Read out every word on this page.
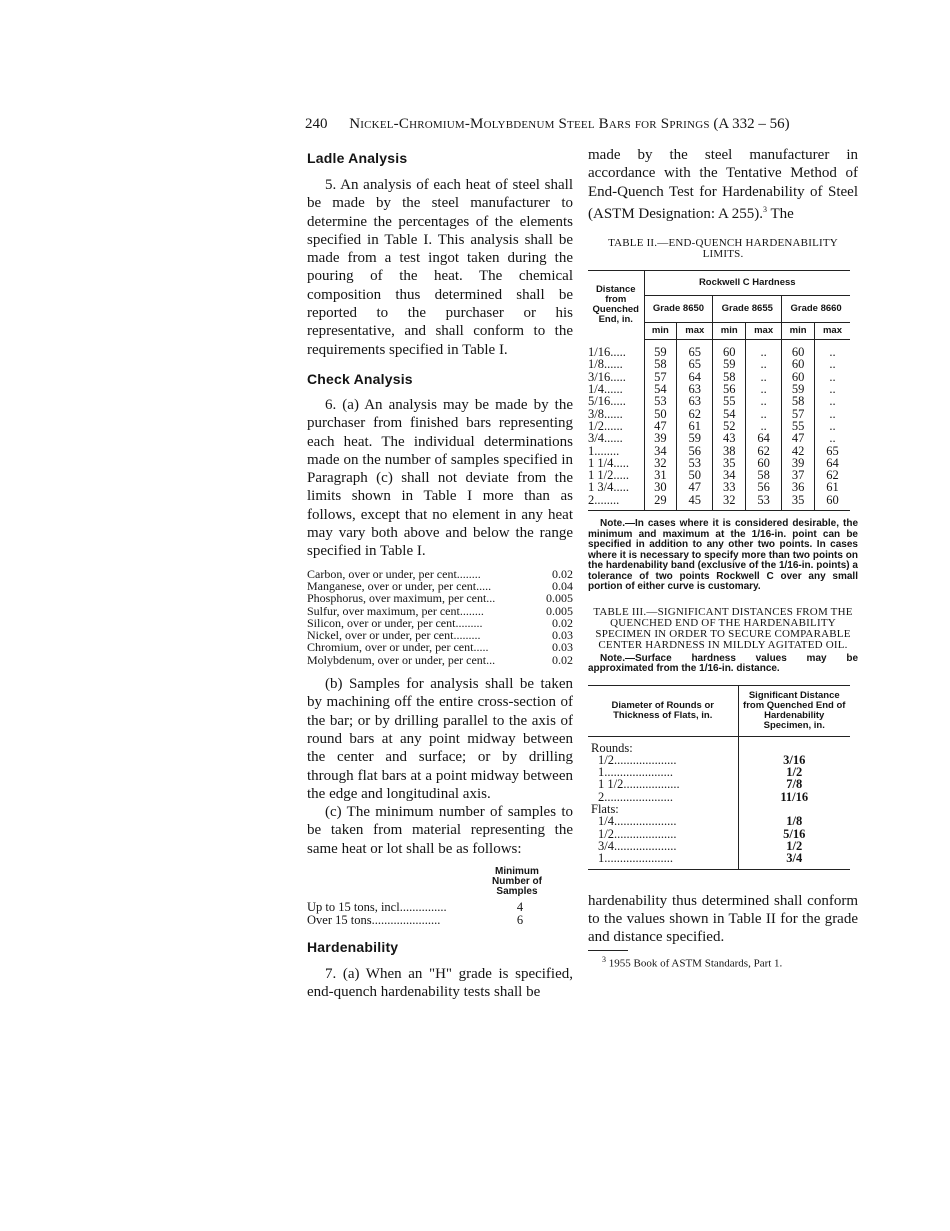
240 Nickel-Chromium-Molybdenum Steel Bars for Springs (A 332 – 56)
Ladle Analysis

5. An analysis of each heat of steel shall be made by the steel manufacturer to determine the percentages of the elements specified in Table I. This analysis shall be made from a test ingot taken during the pouring of the heat. The chemical composition thus determined shall be reported to the purchaser or his representative, and shall conform to the requirements specified in Table I.

Check Analysis

6. (a) An analysis may be made by the purchaser from finished bars representing each heat. The individual determinations made on the number of samples specified in Paragraph (c) shall not deviate from the limits shown in Table I more than as follows, except that no element in any heat may vary both above and below the range specified in Table I.

Carbon, over or under, per cent........	0.02
Manganese, over or under, per cent.....	0.04
Phosphorus, over maximum, per cent...	0.005
Sulfur, over maximum, per cent........	0.005
Silicon, over or under, per cent.........	0.02
Nickel, over or under, per cent.........	0.03
Chromium, over or under, per cent.....	0.03
Molybdenum, over or under, per cent...	0.02

(b) Samples for analysis shall be taken by machining off the entire cross-section of the bar; or by drilling parallel to the axis of round bars at any point midway between the center and surface; or by drilling through flat bars at a point midway between the edge and longitudinal axis.

(c) The minimum number of samples to be taken from material representing the same heat or lot shall be as follows:

Minimum Number of Samples
Up to 15 tons, incl...............	4
Over 15 tons......................	6
Hardenability

7. (a) When an "H" grade is specified, end-quench hardenability tests shall be

made by the steel manufacturer in accordance with the Tentative Method of End-Quench Test for Hardenability of Steel (ASTM Designation: A 255).$^3$ The

TABLE II.—END-QUENCH HARDENABILITY LIMITS.
Distance from Quenched End, in.	Rockwell C Hardness					
	Grade 8650		Grade 8655		Grade 8660	
	min	max	min	max	min	max
1/16.....	59	65	60	..	60	..
1/8......	58	65	59	..	60	..
3/16.....	57	64	58	..	60	..
1/4......	54	63	56	..	59	..
5/16.....	53	63	55	..	58	..
3/8......	50	62	54	..	57	..
1/2......	47	61	52	..	55	..
3/4......	39	59	43	64	47	..
1........	34	56	38	62	42	65
1 1/4.....	32	53	35	60	39	64
1 1/2.....	31	50	34	58	37	62
1 3/4.....	30	47	33	56	36	61
2........	29	45	32	53	35	60

Note.—In cases where it is considered desirable, the minimum and maximum at the 1/16-in. point can be specified in addition to any other two points. In cases where it is necessary to specify more than two points on the hardenability band (exclusive of the 1/16-in. points) a tolerance of two points Rockwell C over any small portion of either curve is customary.

TABLE III.—SIGNIFICANT DISTANCES FROM THE QUENCHED END OF THE HARDENABILITY SPECIMEN IN ORDER TO SECURE COMPARABLE CENTER HARDNESS IN MILDLY AGITATED OIL.

Note.—Surface hardness values may be approximated from the 1/16-in. distance.

Diameter of Rounds or Thickness of Flats, in.	Significant Distance from Quenched End of Hardenability Specimen, in.
Rounds:	
1/2....................	3/16
1......................	1/2
1 1/2..................	7/8
2......................	11/16
Flats:	
1/4....................	1/8
1/2....................	5/16
3/4....................	1/2
1......................	3/4

hardenability thus determined shall conform to the values shown in Table II for the grade and distance specified.

$^3$ 1955 Book of ASTM Standards, Part 1.
